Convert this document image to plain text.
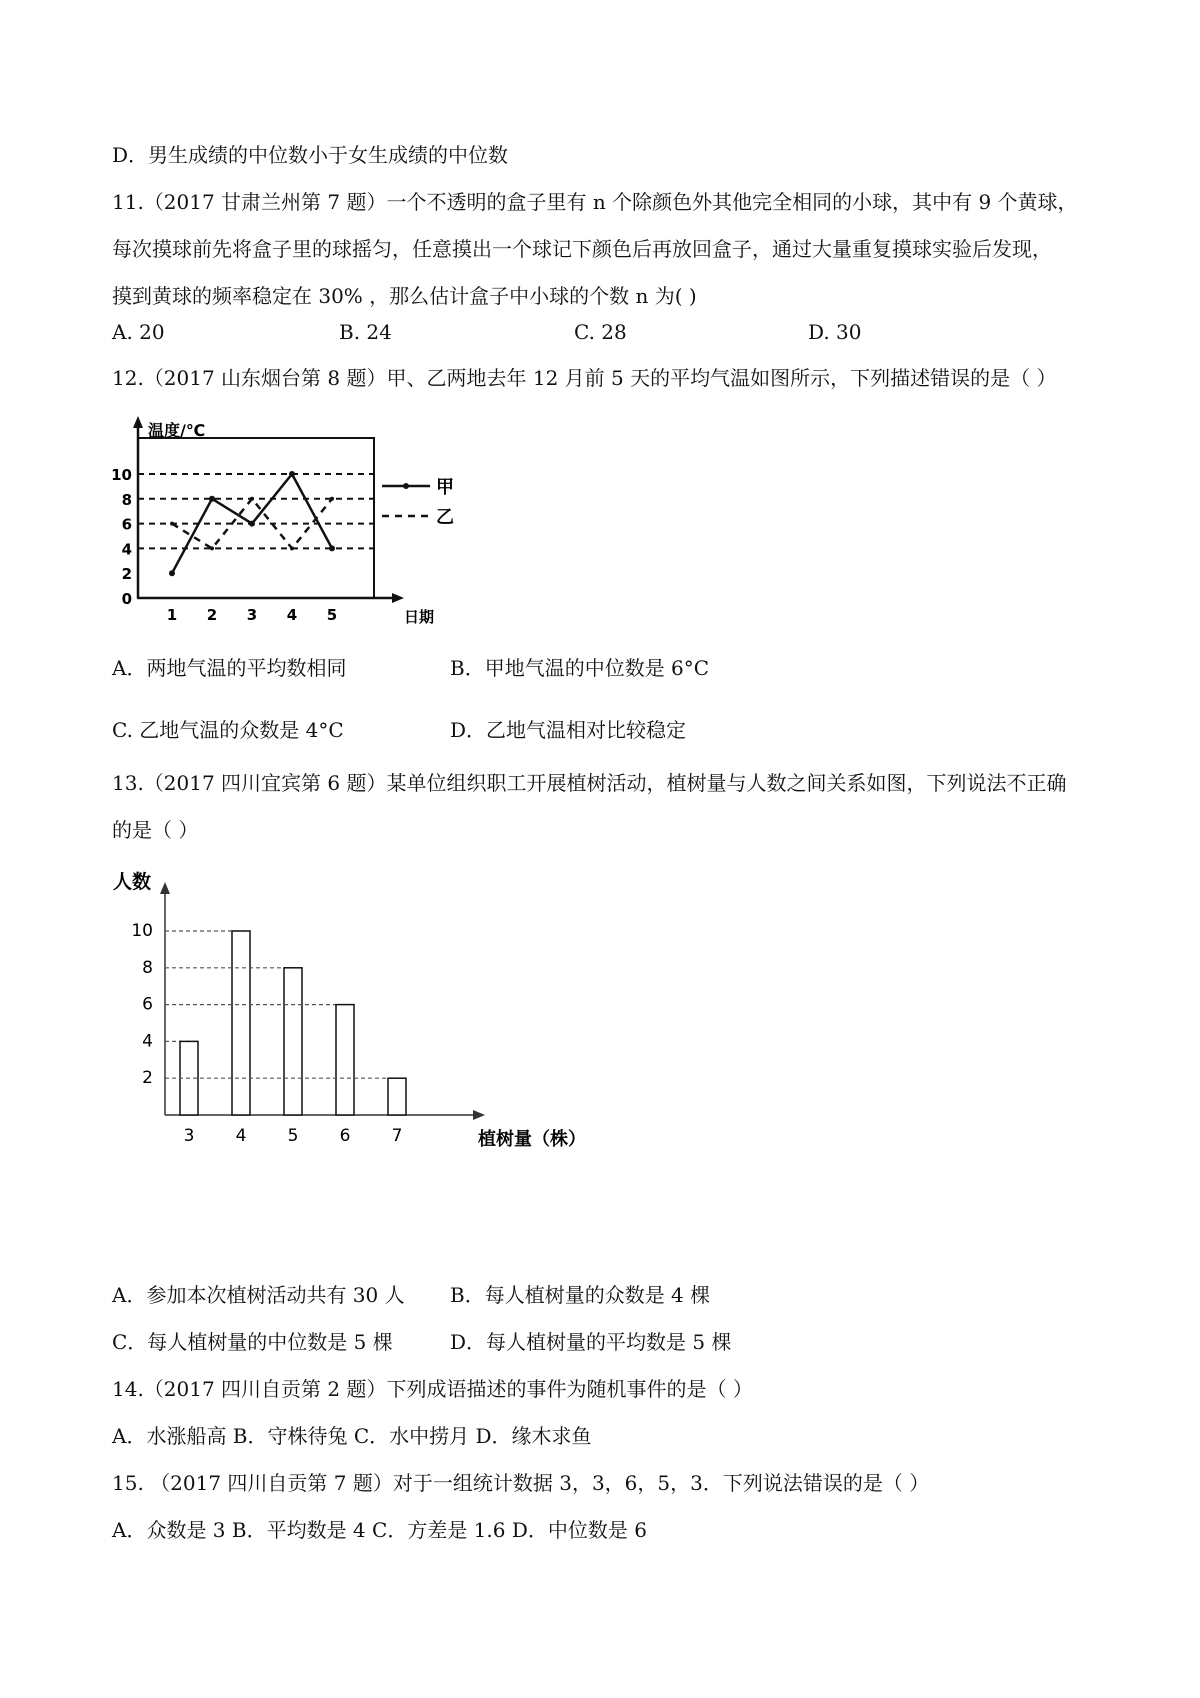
D．男生成绩的中位数小于女生成绩的中位数
11.（2017 甘肃兰州第 7 题）一个不透明的盒子里有 n 个除颜色外其他完全相同的小球，其中有 9 个黄球，
每次摸球前先将盒子里的球摇匀，任意摸出一个球记下颜色后再放回盒子，通过大量重复摸球实验后发现，
摸到黄球的频率稳定在 30% ，那么估计盒子中小球的个数 n 为( )
A. 20	B. 24	C. 28	D. 30
12.（2017 山东烟台第 8 题）甲、乙两地去年 12 月前 5 天的平均气温如图所示，下列描述错误的是（ ）
0
2
4
6
8
10
1 2 3 4 5
温度/℃
日期
甲
乙
A．两地气温的平均数相同	B．甲地气温的中位数是 6°C
C. 乙地气温的众数是 4°C	D．乙地气温相对比较稳定
13.（2017 四川宜宾第 6 题）某单位组织职工开展植树活动，植树量与人数之间关系如图，下列说法不正确
的是（ ）
3 4 5 6 7
2
4
6
8
10
人数
植树量（株）
A．参加本次植树活动共有 30 人 B．每人植树量的众数是 4 棵
C．每人植树量的中位数是 5 棵	D．每人植树量的平均数是 5 棵
14.（2017 四川自贡第 2 题）下列成语描述的事件为随机事件的是（ ）
A．水涨船高 B．守株待兔 C．水中捞月 D．缘木求鱼
15. （2017 四川自贡第 7 题）对于一组统计数据 3，3，6，5，3．下列说法错误的是（ ）
A．众数是 3 B．平均数是 4 C．方差是 1.6 D．中位数是 6
